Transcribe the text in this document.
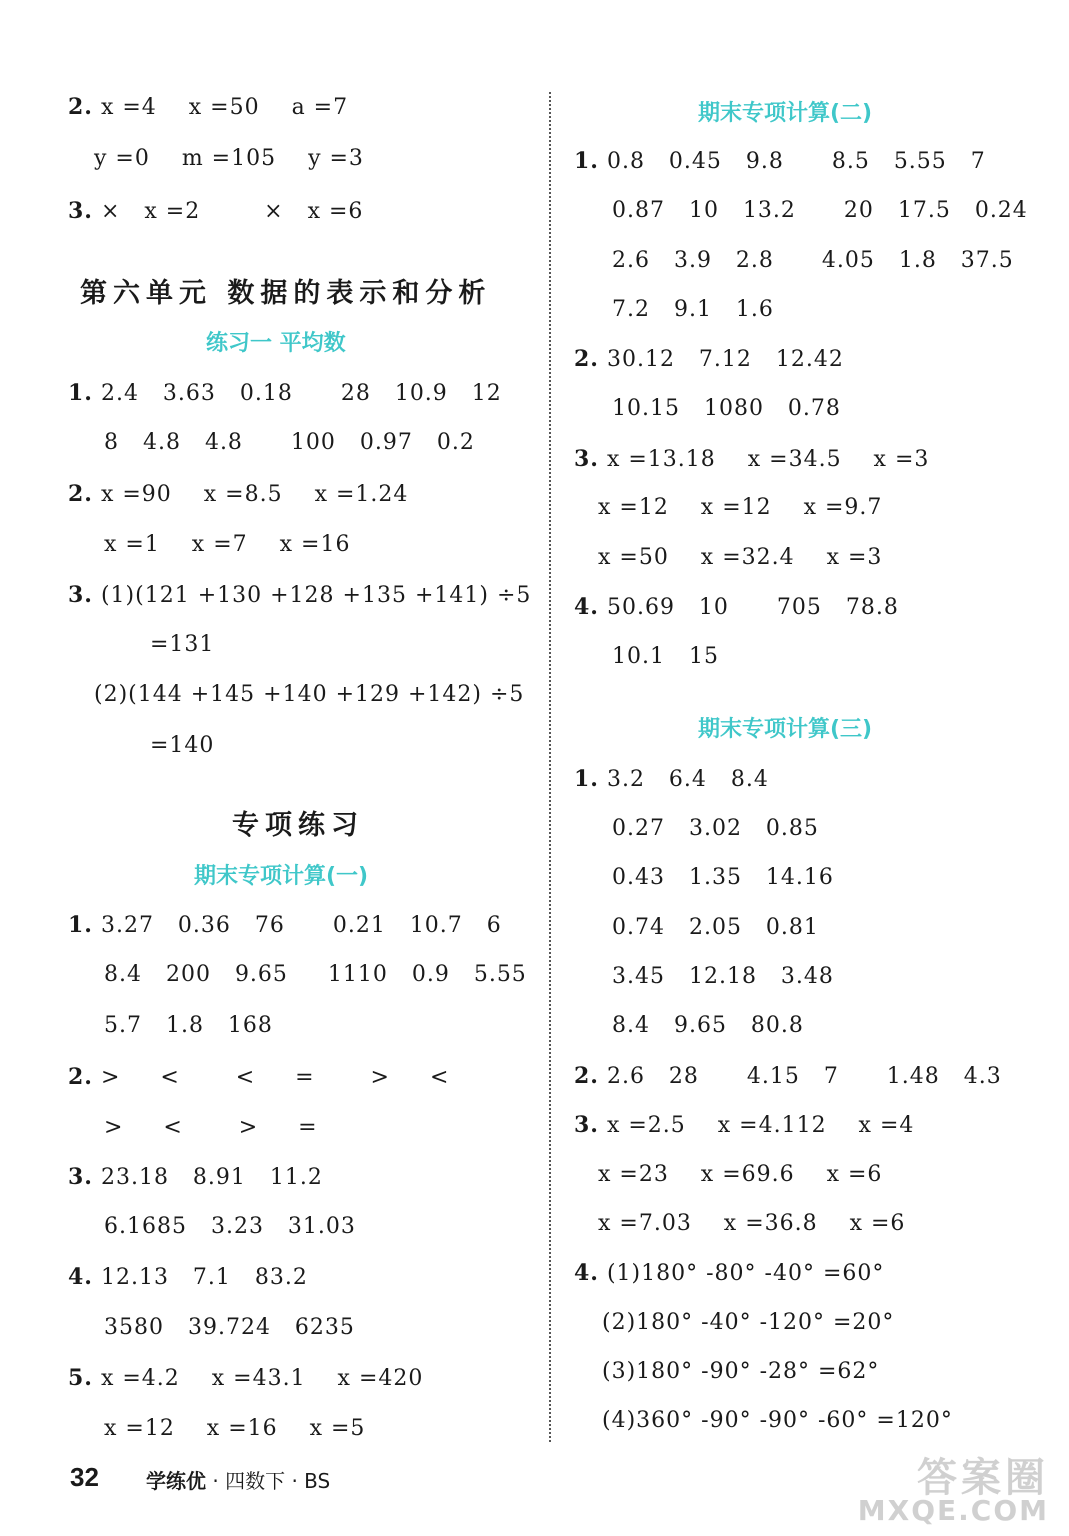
2. x =4    x =50    a =7
y =0    m =105    y =3
3. ×   x =2        ×   x =6
第六单元 数据的表示和分析
练习一 平均数
1. 2.4   3.63   0.18      28   10.9   12
8   4.8   4.8      100   0.97   0.2
2. x =90    x =8.5    x =1.24
x =1    x =7    x =16
3. (1)(121 +130 +128 +135 +141) ÷5
=131
(2)(144 +145 +140 +129 +142) ÷5
=140
专项练习
期末专项计算(一)
1. 3.27   0.36   76      0.21   10.7   6
8.4   200   9.65     1110   0.9   5.55
5.7   1.8   168
2. >     <       <     =       >     <
>     <       >     =
3. 23.18   8.91   11.2
6.1685   3.23   31.03
4. 12.13   7.1   83.2
3580   39.724   6235
5. x =4.2    x =43.1    x =420
x =12    x =16    x =5
期末专项计算(二)
1. 0.8   0.45   9.8      8.5   5.55   7
0.87   10   13.2      20   17.5   0.24
2.6   3.9   2.8      4.05   1.8   37.5
7.2   9.1   1.6
2. 30.12   7.12   12.42
10.15   1080   0.78
3. x =13.18    x =34.5    x =3
x =12    x =12    x =9.7
x =50    x =32.4    x =3
4. 50.69   10      705   78.8
10.1   15
期末专项计算(三)
1. 3.2   6.4   8.4
0.27   3.02   0.85
0.43   1.35   14.16
0.74   2.05   0.81
3.45   12.18   3.48
8.4   9.65   80.8
2. 2.6   28      4.15   7      1.48   4.3
3. x =2.5    x =4.112    x =4
x =23    x =69.6    x =6
x =7.03    x =36.8    x =6
4. (1)180° -80° -40° =60°
(2)180° -40° -120° =20°
(3)180° -90° -28° =62°
(4)360° -90° -90° -60° =120°
32 学练优 · 四数下 · BS	答案圈
MXQE.COM
